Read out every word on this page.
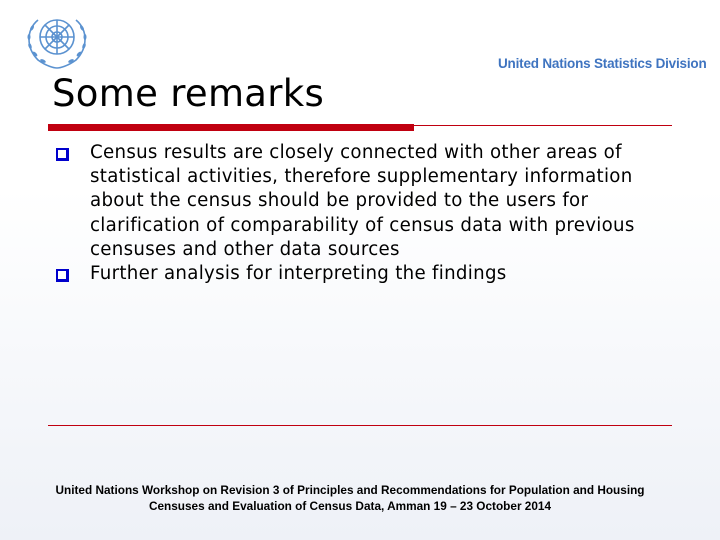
United Nations Statistics Division
Some remarks
Census results are closely connected with other areas of statistical activities, therefore supplementary information about the census should be provided to the users for clarification of comparability of census data with previous censuses and other data sources
Further analysis for interpreting the findings
United Nations Workshop on Revision 3 of Principles and Recommendations for Population and Housing
Censuses and Evaluation of Census Data, Amman 19 – 23 October 2014
